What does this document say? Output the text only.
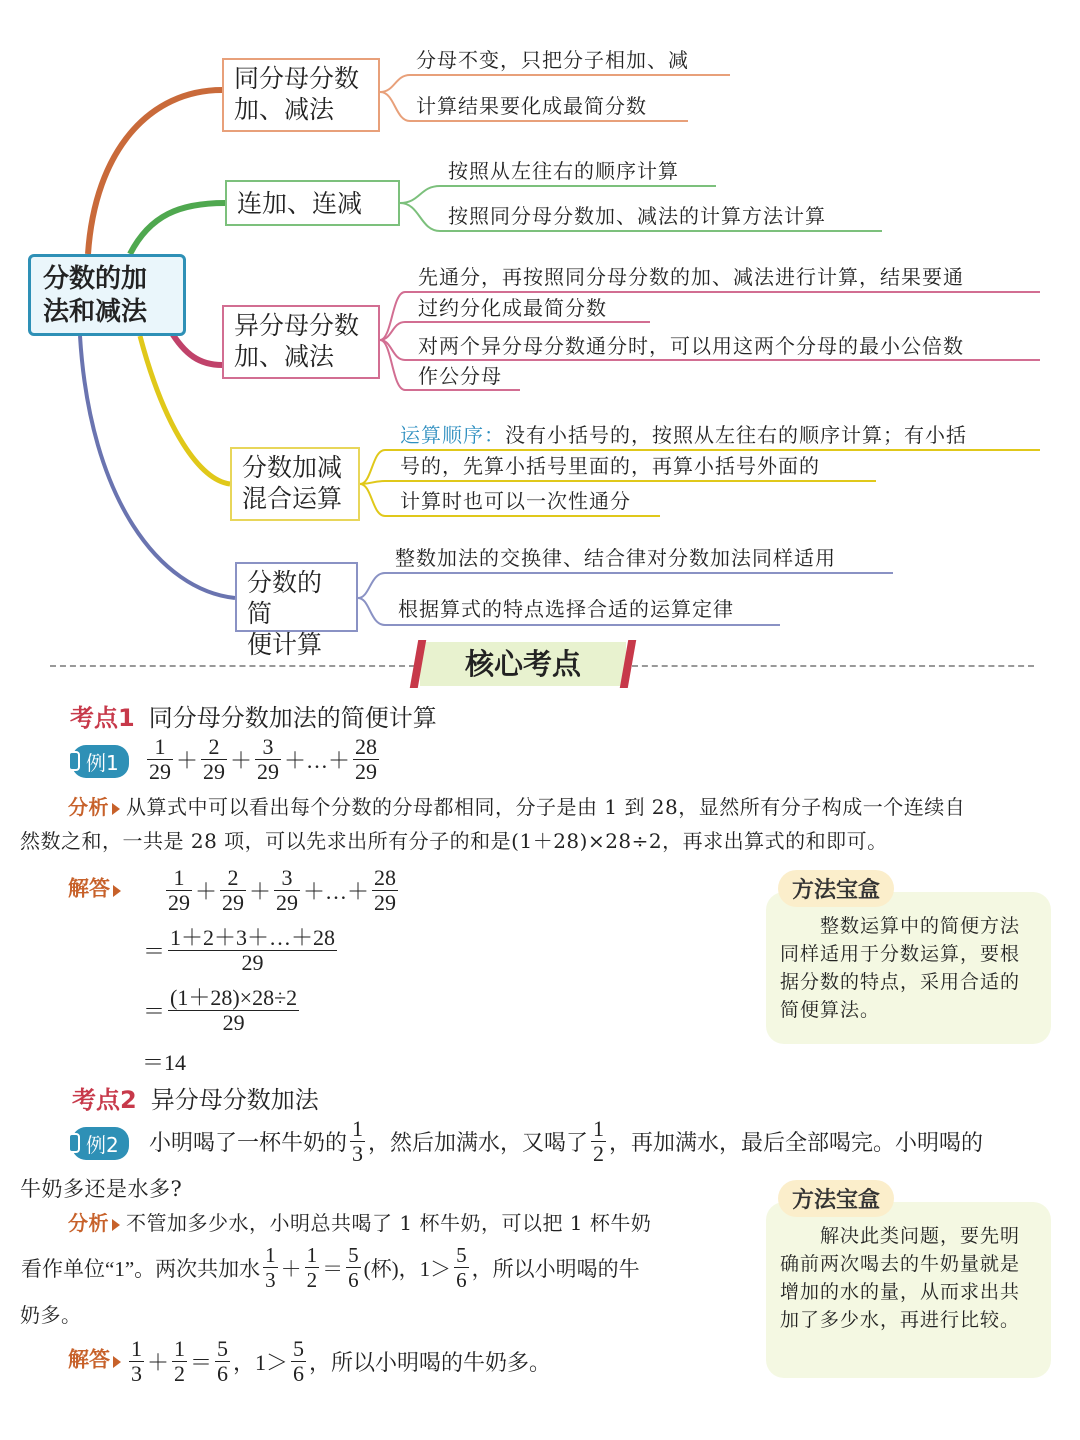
分数的加
法和减法
同分母分数
加、减法
连加、连减
异分母分数
加、减法
分数加减
混合运算
分数的简
便计算
分母不变，只把分子相加、减
计算结果要化成最简分数
按照从左往右的顺序计算
按照同分母分数加、减法的计算方法计算
先通分，再按照同分母分数的加、减法进行计算，结果要通
过约分化成最简分数
对两个异分母分数通分时，可以用这两个分母的最小公倍数
作公分母
运算顺序：没有小括号的，按照从左往右的顺序计算；有小括
号的，先算小括号里面的，再算小括号外面的
计算时也可以一次性通分
整数加法的交换律、结合律对分数加法同样适用
根据算式的特点选择合适的运算定律
核心考点
考点1 同分母分数加法的简便计算
例1	$\frac{1}{29} + \frac{2}{29} + \frac{3}{29}$ ＋…＋ $\frac{28}{29}$
分析 从算式中可以看出每个分数的分母都相同，分子是由 1 到 28，显然所有分子构成一个连续自
然数之和，一共是 28 项，可以先求出所有分子的和是(1＋28)×28÷2，再求出算式的和即可。
解答	$\frac{1}{29} + \frac{2}{29} + \frac{3}{29}$ ＋…＋ $\frac{28}{29}$
＝ $\frac{1+2+3+\dots+28}{29}$
＝ $\frac{(1+28)\times 28\div 2}{29}$
＝14
　　整数运算中的简便方法同样适用于分数运算，要根据分数的特点，采用合适的简便算法。
方法宝盒
考点2 异分母分数加法
例2	小明喝了一杯牛奶的 $\frac{1}{3}$ ，然后加满水，又喝了 $\frac{1}{2}$ ，再加满水，最后全部喝完。小明喝的
牛奶多还是水多?
分析 不管加多少水，小明总共喝了 1 杯牛奶，可以把 1 杯牛奶
看作单位“1”。两次共加水 $\frac{1}{3} + \frac{1}{2} = \frac{5}{6}$ (杯)，$1> \frac{5}{6}$ ，所以小明喝的牛
奶多。
解答 $\frac{1}{3} + \frac{1}{2} = \frac{5}{6}$ ，$1> \frac{5}{6}$ ，所以小明喝的牛奶多。
　　解决此类问题，要先明确前两次喝去的牛奶量就是增加的水的量，从而求出共加了多少水，再进行比较。
方法宝盒
